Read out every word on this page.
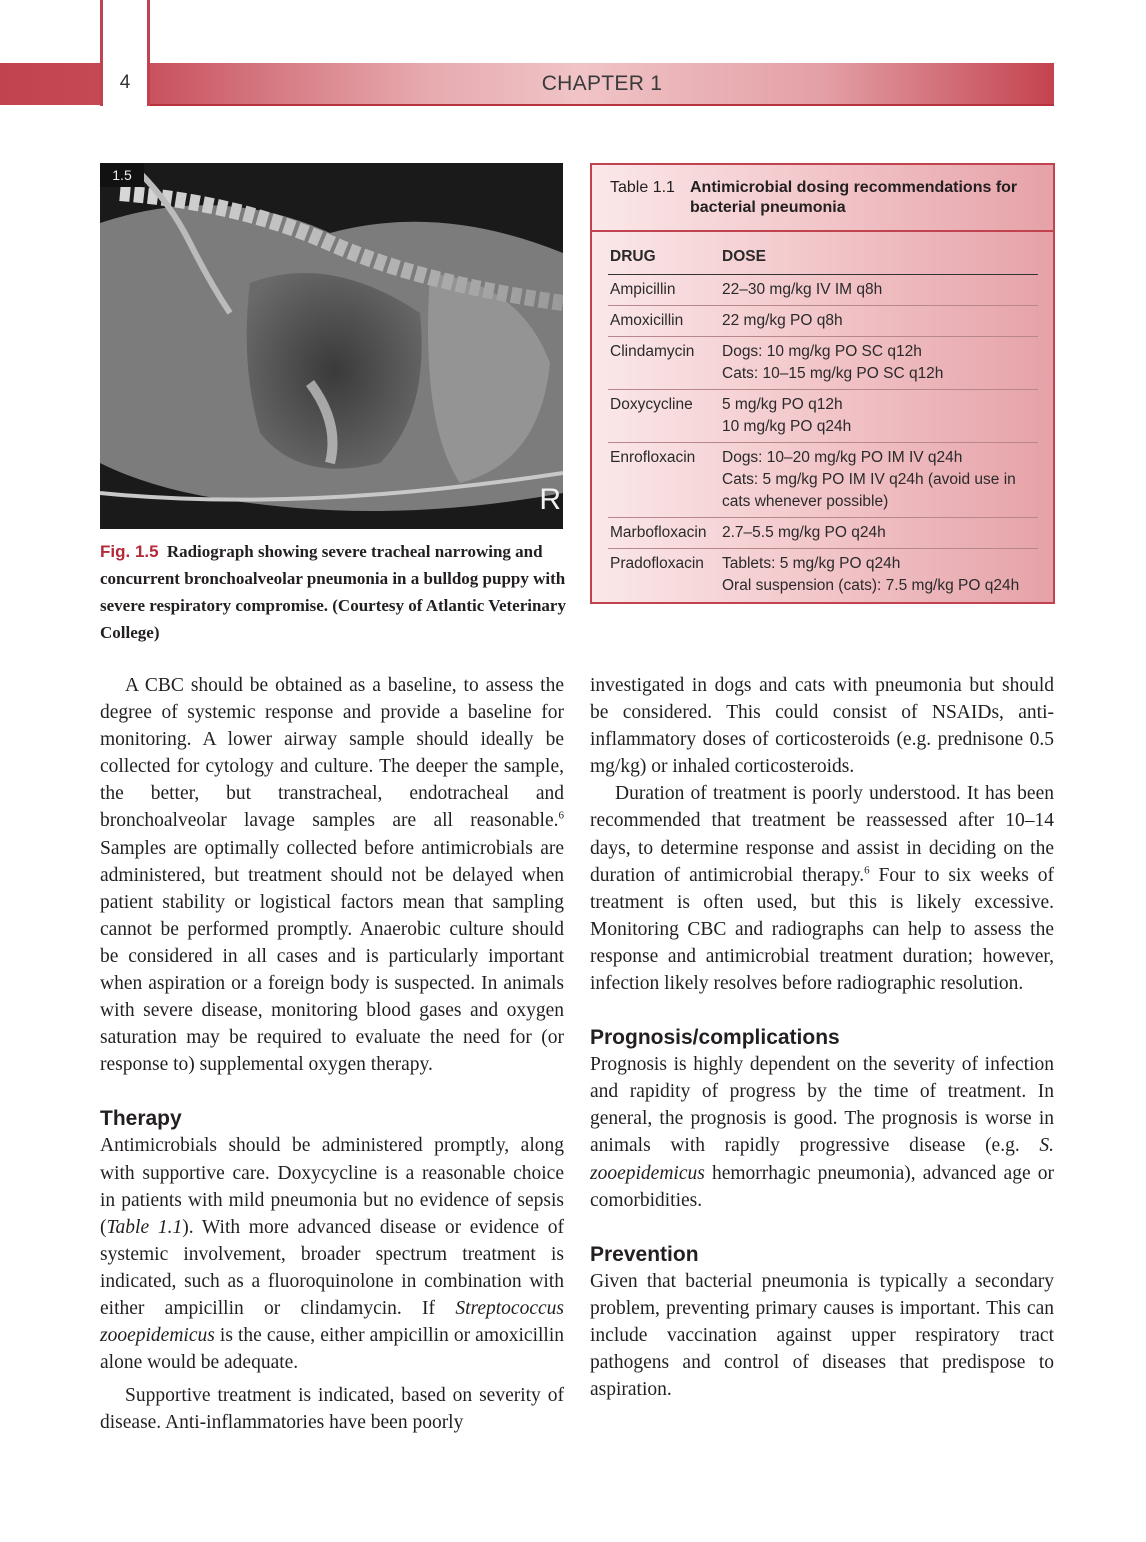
4	CHAPTER 1
1.5
R
Fig. 1.5 Radiograph showing severe tracheal narrowing and concurrent bronchoalveolar pneumonia in a bulldog puppy with severe respiratory compromise. (Courtesy of Atlantic Veterinary College)
Table 1.1 Antimicrobial dosing recommendations for bacterial pneumonia
DRUG	DOSE
Ampicillin	22–30 mg/kg IV IM q8h

Amoxicillin	22 mg/kg PO q8h

Clindamycin	Dogs: 10 mg/kg PO SC q12h
Cats: 10–15 mg/kg PO SC q12h

Doxycycline	5 mg/kg PO q12h
10 mg/kg PO q24h

Enrofloxacin	Dogs: 10–20 mg/kg PO IM IV q24h
Cats: 5 mg/kg PO IM IV q24h (avoid use in cats whenever possible)

Marbofloxacin	2.7–5.5 mg/kg PO q24h

Pradofloxacin	Tablets: 5 mg/kg PO q24h
Oral suspension (cats): 7.5 mg/kg PO q24h

A CBC should be obtained as a baseline, to assess the degree of systemic response and provide a baseline for monitoring. A lower airway sample should ideally be collected for cytology and culture. The deeper the sample, the better, but transtracheal, endotracheal and bronchoalveolar lavage samples are all reasonable.$^6$ Samples are optimally collected before antimicrobials are administered, but treatment should not be delayed when patient stability or logistical factors mean that sampling cannot be performed promptly. Anaerobic culture should be considered in all cases and is particularly important when aspiration or a foreign body is suspected. In animals with severe disease, monitoring blood gases and oxygen saturation may be required to evaluate the need for (or response to) supplemental oxygen therapy.

Therapy

Antimicrobials should be administered promptly, along with supportive care. Doxycycline is a reasonable choice in patients with mild pneumonia but no evidence of sepsis (Table 1.1). With more advanced disease or evidence of systemic involvement, broader spectrum treatment is indicated, such as a fluoroquinolone in combination with either ampicillin or clindamycin. If Streptococcus zooepidemicus is the cause, either ampicillin or amoxicillin alone would be adequate.

Supportive treatment is indicated, based on severity of disease. Anti-inflammatories have been poorly

investigated in dogs and cats with pneumonia but should be considered. This could consist of NSAIDs, anti-inflammatory doses of corticosteroids (e.g. prednisone 0.5 mg/kg) or inhaled corticosteroids.

Duration of treatment is poorly understood. It has been recommended that treatment be reassessed after 10–14 days, to determine response and assist in deciding on the duration of antimicrobial therapy.$^6$ Four to six weeks of treatment is often used, but this is likely excessive. Monitoring CBC and radiographs can help to assess the response and antimicrobial treatment duration; however, infection likely resolves before radiographic resolution.

Prognosis/complications

Prognosis is highly dependent on the severity of infection and rapidity of progress by the time of treatment. In general, the prognosis is good. The prognosis is worse in animals with rapidly progressive disease (e.g. S. zooepidemicus hemorrhagic pneumonia), advanced age or comorbidities.

Prevention

Given that bacterial pneumonia is typically a secondary problem, preventing primary causes is important. This can include vaccination against upper respiratory tract pathogens and control of diseases that predispose to aspiration.
